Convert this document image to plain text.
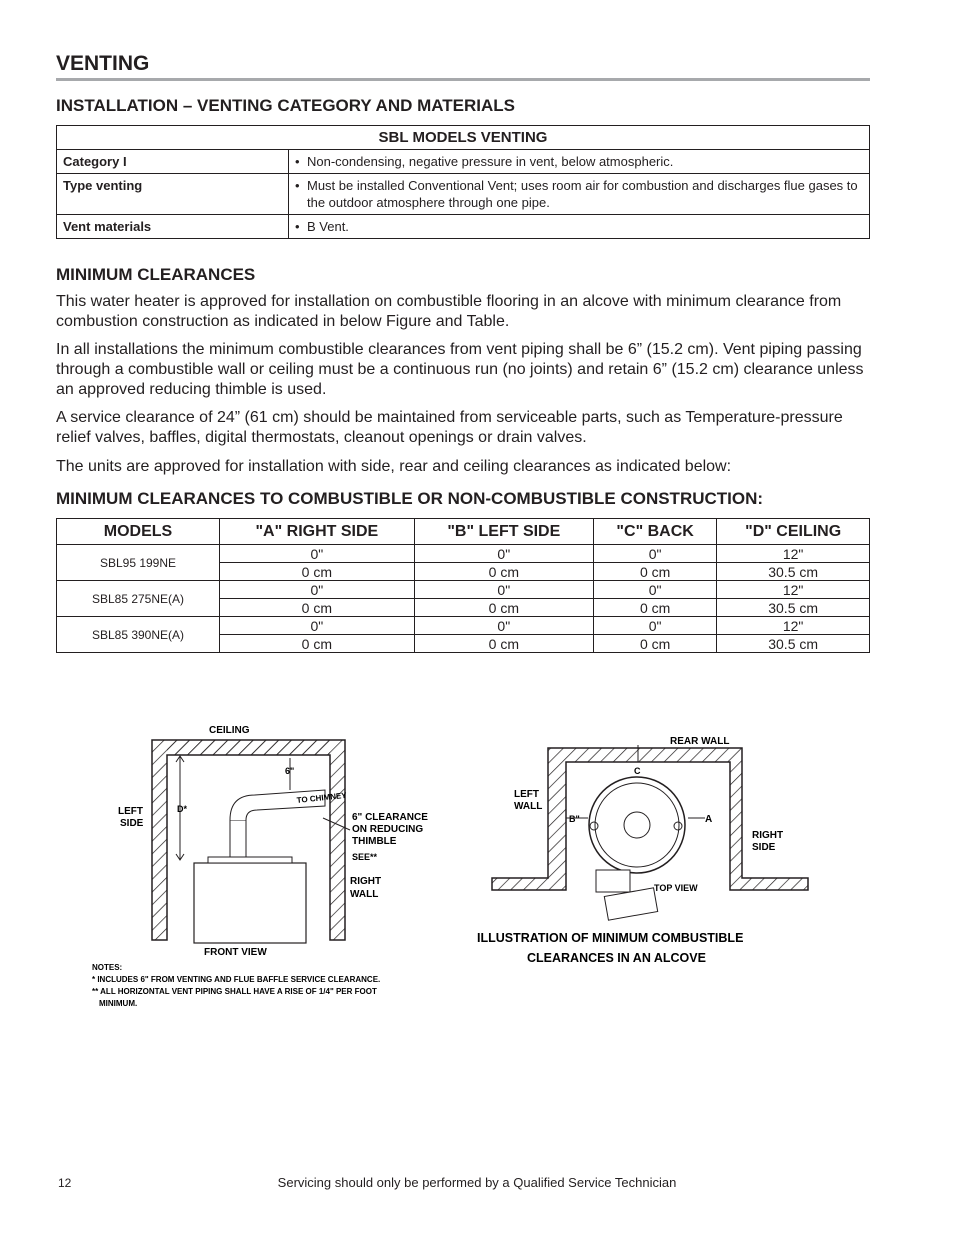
VENTING
INSTALLATION – VENTING CATEGORY AND MATERIALS
SBL MODELS VENTING	
Category I	• Non-condensing, negative pressure in vent, below atmospheric.

Type venting	• Must be installed Conventional Vent; uses room air for combustion and discharges flue gases to the outdoor atmosphere through one pipe.

Vent materials	• B Vent.
MINIMUM CLEARANCES
This water heater is approved for installation on combustible flooring in an alcove with minimum clearance from combustion construction as indicated in below Figure and Table.
In all installations the minimum combustible clearances from vent piping shall be 6” (15.2 cm). Vent piping passing through a combustible wall or ceiling must be a continuous run (no joints) and retain 6” (15.2 cm) clearance unless an approved reducing thimble is used.
A service clearance of 24” (61 cm) should be maintained from serviceable parts, such as Temperature-pressure relief valves, baffles, digital thermostats, cleanout openings or drain valves.
The units are approved for installation with side, rear and ceiling clearances as indicated below:
MINIMUM CLEARANCES TO COMBUSTIBLE OR NON-COMBUSTIBLE CONSTRUCTION:
MODELS	"A" RIGHT SIDE	"B" LEFT SIDE	"C" BACK	"D" CEILING
SBL95 199NE	0"	0"	0"	12"
	0 cm	0 cm	0 cm	30.5 cm
SBL85 275NE(A)	0"	0"	0"	12"
	0 cm	0 cm	0 cm	30.5 cm
SBL85 390NE(A)	0"	0"	0"	12"
	0 cm	0 cm	0 cm	30.5 cm
CEILING
D*
LEFT
SIDE
6"
TO CHIMNEY
6" CLEARANCE
ON REDUCING
THIMBLE
SEE**
RIGHT
WALL
FRONT VIEW
NOTES:
* INCLUDES 6" FROM VENTING AND FLUE BAFFLE SERVICE CLEARANCE.
** ALL HORIZONTAL VENT PIPING SHALL HAVE A RISE OF 1/4" PER FOOT
MINIMUM.
REAR WALL
C
LEFT
WALL
B"	A
RIGHT
SIDE
TOP VIEW
ILLUSTRATION OF MINIMUM COMBUSTIBLE
CLEARANCES IN AN ALCOVE
12	Servicing should only be performed by a Qualified Service Technician
